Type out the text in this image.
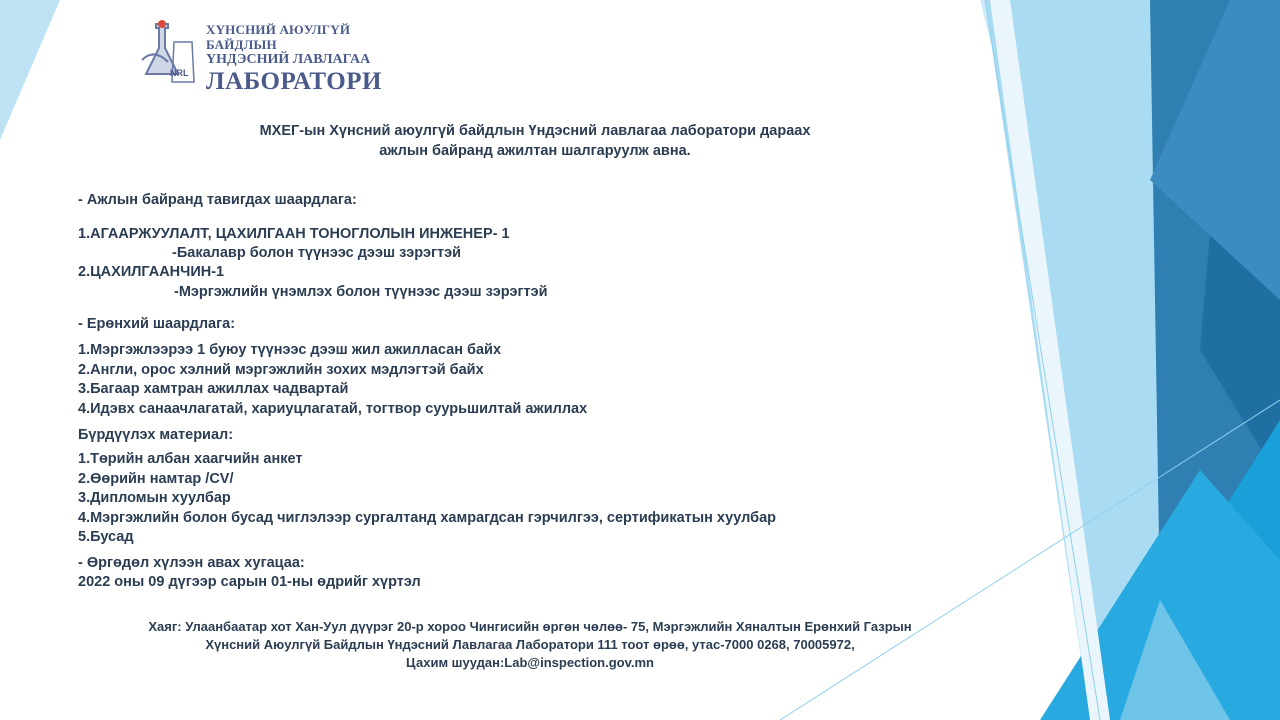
NRL
ХҮНСНИЙ АЮУЛГҮЙ БАЙДЛЫН
ҮНДЭСНИЙ ЛАВЛАГАА
ЛАБОРАТОРИ
МХЕГ-ын Хүнсний аюулгүй байдлын Үндэсний лавлагаа лаборатори дараах
ажлын байранд ажилтан шалгаруулж авна.
- Ажлын байранд тавигдах шаардлага:
1.АГААРЖУУЛАЛТ, ЦАХИЛГААН ТОНОГЛОЛЫН ИНЖЕНЕР- 1
-Бакалавр болон түүнээс дээш зэрэгтэй
2.ЦАХИЛГААНЧИН-1
-Мэргэжлийн үнэмлэх болон түүнээс дээш зэрэгтэй
- Ерөнхий шаардлага:
1.Мэргэжлээрээ 1 буюу түүнээс дээш жил ажилласан байх
2.Англи, орос хэлний мэргэжлийн зохих мэдлэгтэй байх
3.Багаар хамтран ажиллах чадвартай
4.Идэвх санаачлагатай, хариуцлагатай, тогтвор суурьшилтай ажиллах
Бүрдүүлэх материал:
1.Төрийн албан хаагчийн анкет
2.Өөрийн намтар /CV/
3.Дипломын хуулбар
4.Мэргэжлийн болон бусад чиглэлээр сургалтанд хамрагдсан гэрчилгээ, сертификатын хуулбар
5.Бусад
- Өргөдөл хүлээн авах хугацаа:
2022 оны 09 дүгээр сарын 01-ны өдрийг хүртэл
Хаяг: Улаанбаатар хот Хан-Уул дүүрэг 20-р хороо Чингисийн өргөн чөлөө- 75, Мэргэжлийн Хяналтын Ерөнхий Газрын
Хүнсний Аюулгүй Байдлын Үндэсний Лавлагаа Лаборатори 111 тоот өрөө, утас-7000 0268, 70005972,
Цахим шуудан:Lab@inspection.gov.mn
